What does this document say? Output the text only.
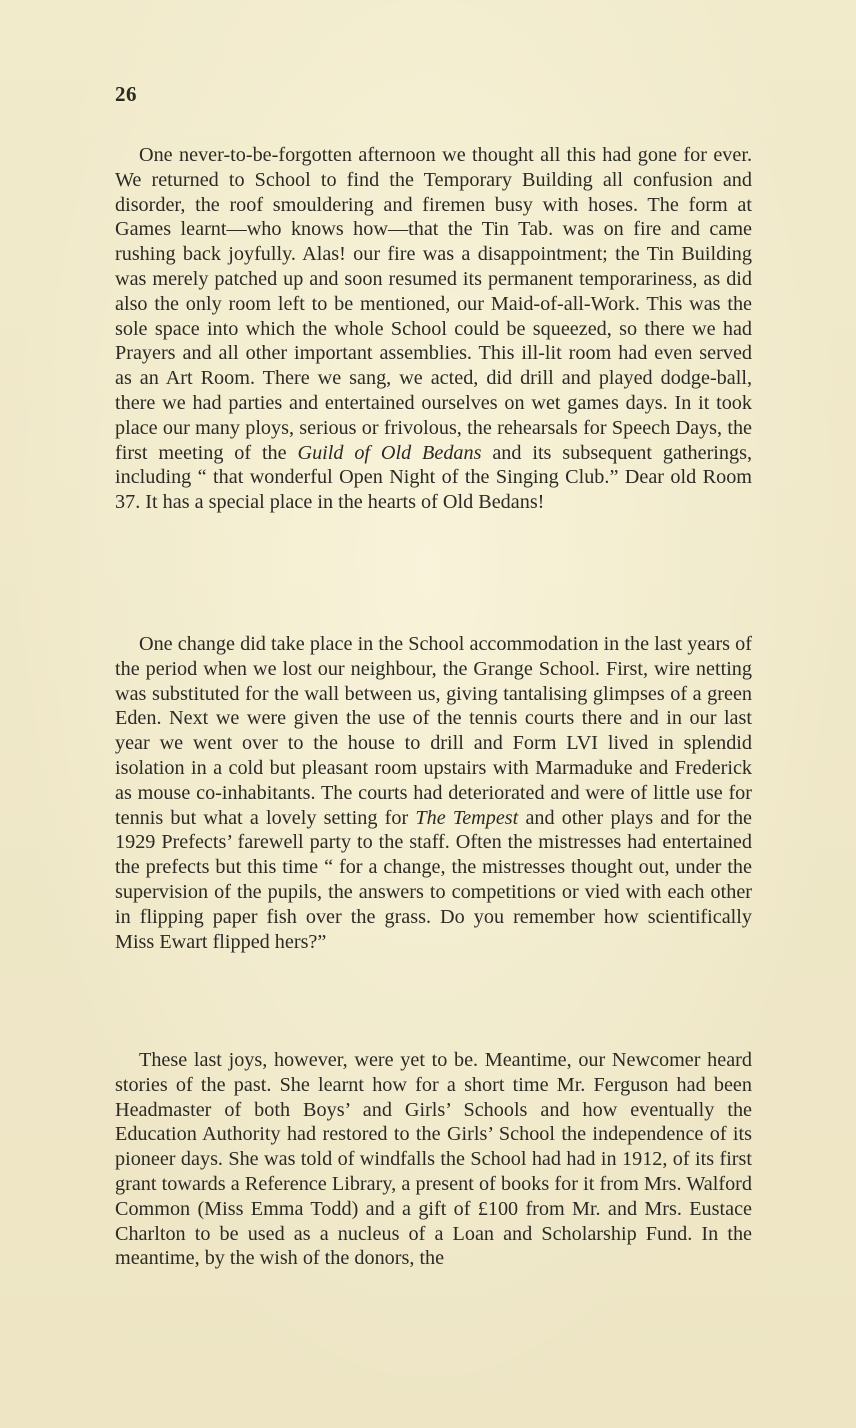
26

One never-to-be-forgotten afternoon we thought all this had gone for ever. We returned to School to find the Temporary Building all confusion and disorder, the roof smouldering and firemen busy with hoses. The form at Games learnt—who knows how—that the Tin Tab. was on fire and came rushing back joyfully. Alas! our fire was a disappointment; the Tin Building was merely patched up and soon resumed its permanent temporariness, as did also the only room left to be mentioned, our Maid-of-all-Work. This was the sole space into which the whole School could be squeezed, so there we had Prayers and all other important assemblies. This ill-lit room had even served as an Art Room. There we sang, we acted, did drill and played dodge-ball, there we had parties and entertained ourselves on wet games days. In it took place our many ploys, serious or frivolous, the rehearsals for Speech Days, the first meeting of the Guild of Old Bedans and its subsequent gatherings, including “ that wonderful Open Night of the Singing Club.” Dear old Room 37. It has a special place in the hearts of Old Bedans!

One change did take place in the School accommodation in the last years of the period when we lost our neighbour, the Grange School. First, wire netting was substituted for the wall between us, giving tantalising glimpses of a green Eden. Next we were given the use of the tennis courts there and in our last year we went over to the house to drill and Form LVI lived in splendid isolation in a cold but pleasant room upstairs with Marmaduke and Frederick as mouse co-inhabitants. The courts had deteriorated and were of little use for tennis but what a lovely setting for The Tempest and other plays and for the 1929 Prefects’ farewell party to the staff. Often the mistresses had entertained the prefects but this time “ for a change, the mistresses thought out, under the supervision of the pupils, the answers to competitions or vied with each other in flipping paper fish over the grass. Do you remember how scientifically Miss Ewart flipped hers?”

These last joys, however, were yet to be. Meantime, our Newcomer heard stories of the past. She learnt how for a short time Mr. Ferguson had been Headmaster of both Boys’ and Girls’ Schools and how eventually the Education Authority had restored to the Girls’ School the independence of its pioneer days. She was told of windfalls the School had had in 1912, of its first grant towards a Reference Library, a present of books for it from Mrs. Walford Common (Miss Emma Todd) and a gift of £100 from Mr. and Mrs. Eustace Charlton to be used as a nucleus of a Loan and Scholarship Fund. In the meantime, by the wish of the donors, the
